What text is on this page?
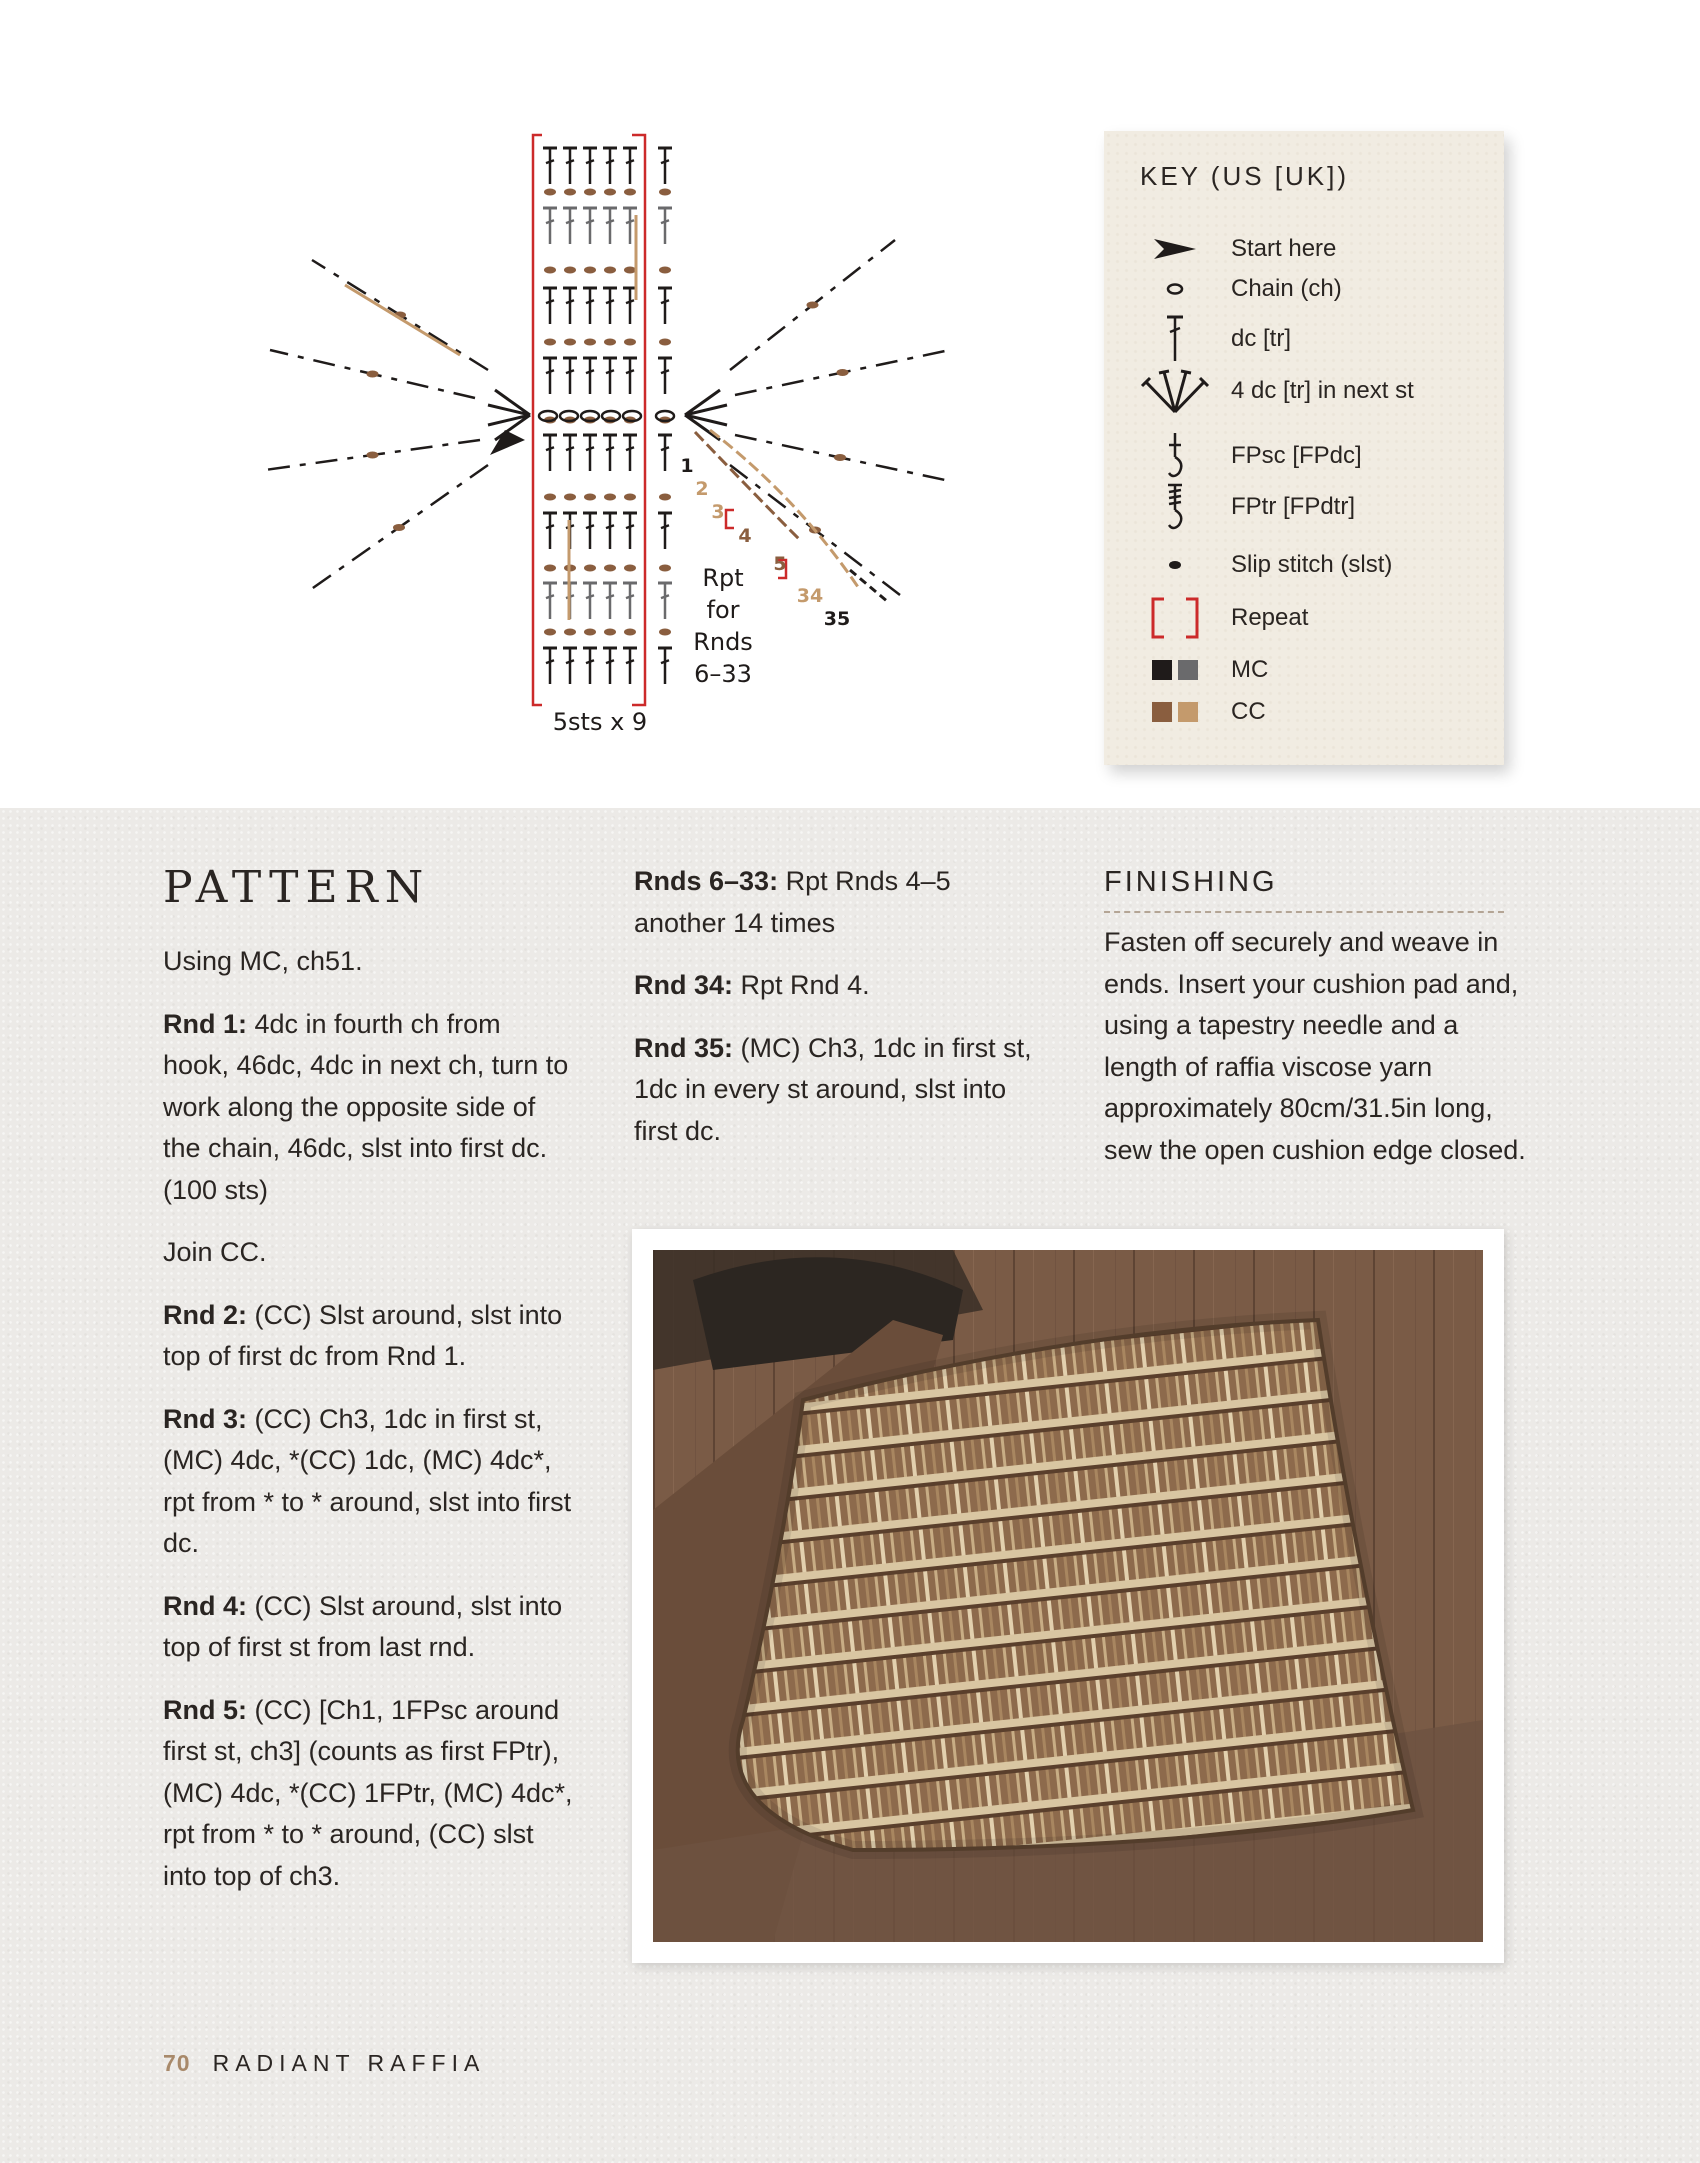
1
2
3
4
5
34
35
Rpt
for
Rnds
6–33
5sts x 9
KEY (US [UK])
Start here
Chain (ch)
dc [tr]
4 dc [tr] in next st
FPsc [FPdc]
FPtr [FPdtr]
Slip stitch (slst)
Repeat
MC
CC
PATTERN

Using MC, ch51.

Rnd 1: 4dc in fourth ch from hook, 46dc, 4dc in next ch, turn to work along the opposite side of the chain, 46dc, slst into first dc. (100 sts)

Join CC.

Rnd 2: (CC) Slst around, slst into top of first dc from Rnd 1.

Rnd 3: (CC) Ch3, 1dc in first st, (MC) 4dc, *(CC) 1dc, (MC) 4dc*, rpt from * to * around, slst into first dc.

Rnd 4: (CC) Slst around, slst into top of first st from last rnd.

Rnd 5: (CC) [Ch1, 1FPsc around first st, ch3] (counts as first FPtr), (MC) 4dc, *(CC) 1FPtr, (MC) 4dc*, rpt from * to * around, (CC) slst into top of ch3.

Rnds 6–33: Rpt Rnds 4–5 another 14 times

Rnd 34: Rpt Rnd 4.

Rnd 35: (MC) Ch3, 1dc in first st, 1dc in every st around, slst into first dc.

FINISHING

Fasten off securely and weave in ends. Insert your cushion pad and, using a tapestry needle and a length of raffia viscose yarn approximately 80cm/31.5in long, sew the open cushion edge closed.

70 RADIANT RAFFIA
